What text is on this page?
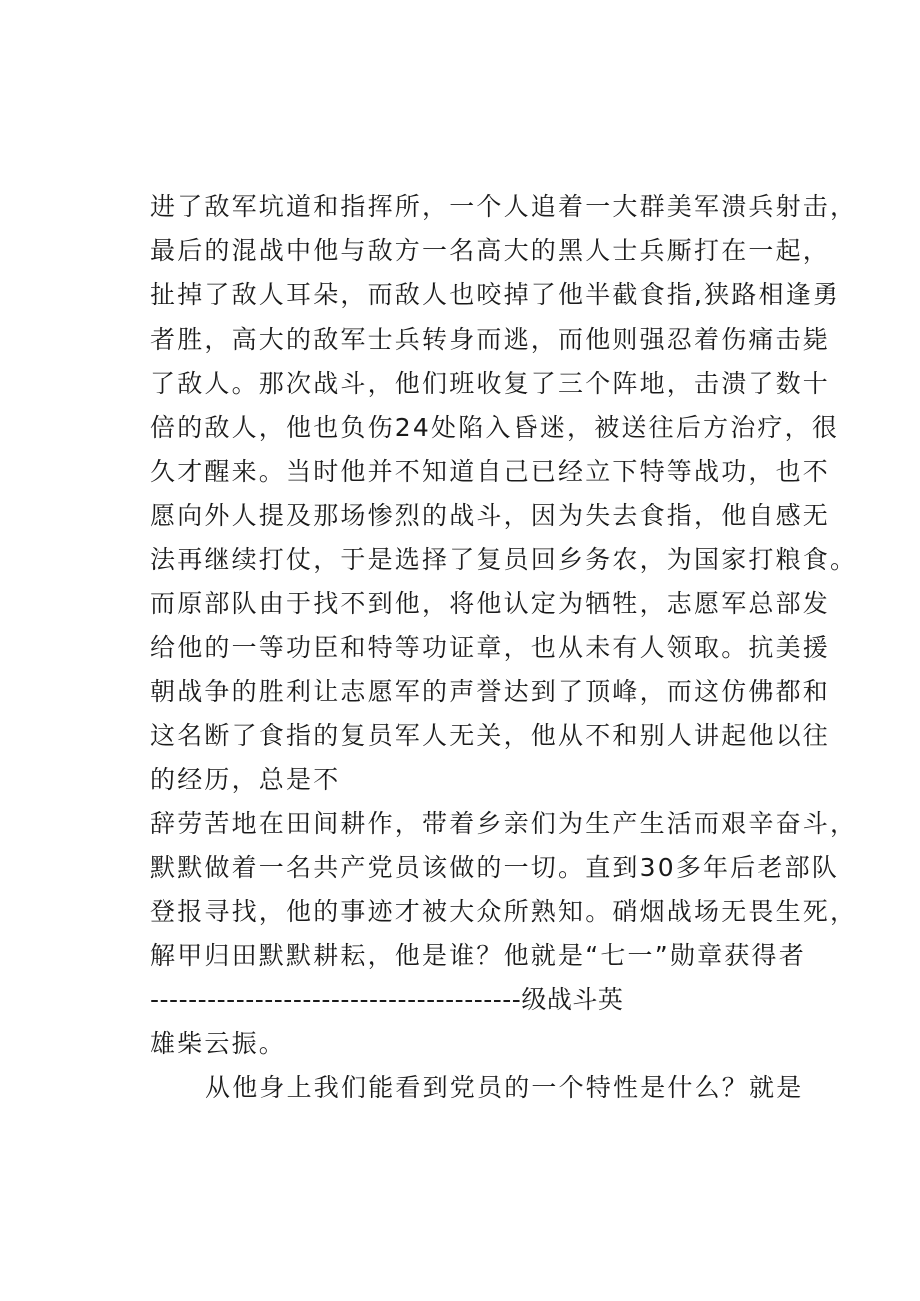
进了敌军坑道和指挥所，一个人追着一大群美军溃兵射击，
最后的混战中他与敌方一名高大的黑人士兵厮打在一起，
扯掉了敌人耳朵，而敌人也咬掉了他半截食指,狭路相逢勇
者胜，高大的敌军士兵转身而逃，而他则强忍着伤痛击毙
了敌人。那次战斗，他们班收复了三个阵地，击溃了数十
倍的敌人，他也负伤24处陷入昏迷，被送往后方治疗，很
久才醒来。当时他并不知道自己已经立下特等战功，也不
愿向外人提及那场惨烈的战斗，因为失去食指，他自感无
法再继续打仗，于是选择了复员回乡务农，为国家打粮食。
而原部队由于找不到他，将他认定为牺牲，志愿军总部发
给他的一等功臣和特等功证章，也从未有人领取。抗美援
朝战争的胜利让志愿军的声誉达到了顶峰，而这仿佛都和
这名断了食指的复员军人无关，他从不和别人讲起他以往
的经历，总是不
辞劳苦地在田间耕作，带着乡亲们为生产生活而艰辛奋斗，
默默做着一名共产党员该做的一切。直到30多年后老部队
登报寻找，他的事迹才被大众所熟知。硝烟战场无畏生死，
解甲归田默默耕耘，他是谁？他就是“七一”勋章获得者
---------------------------------------级战斗英
雄柴云振。
从他身上我们能看到党员的一个特性是什么？就是
